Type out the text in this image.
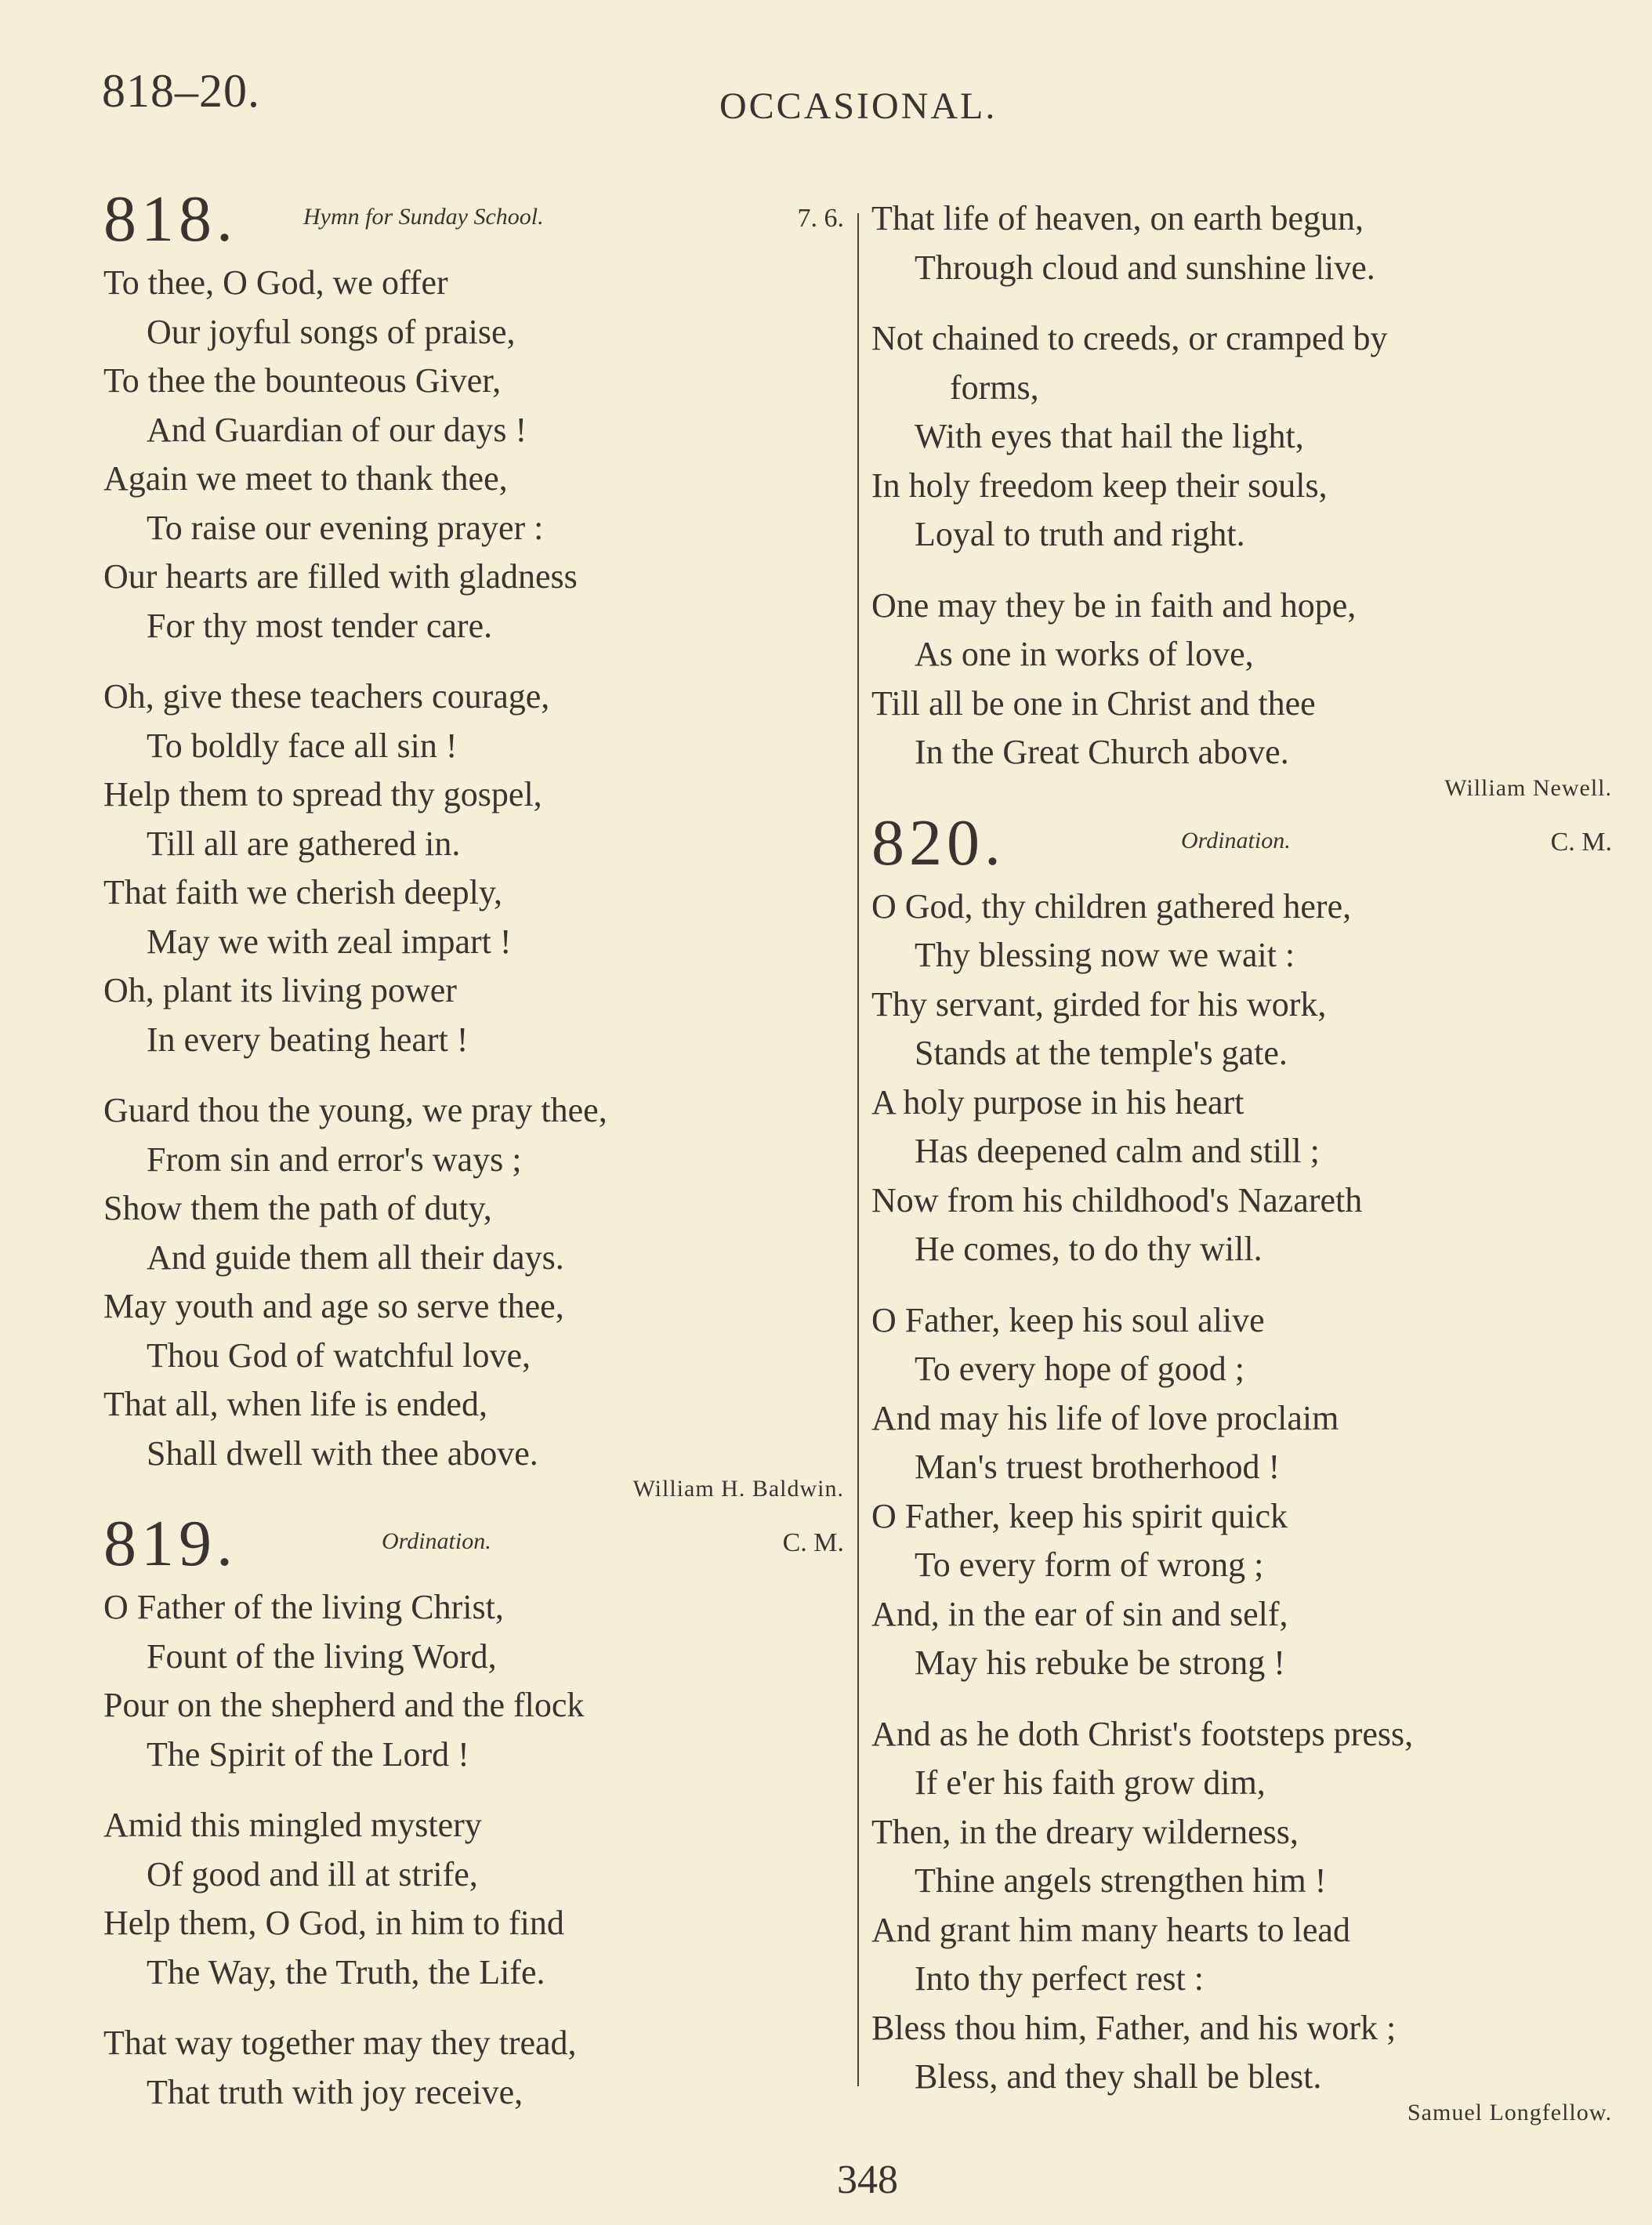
818–20.	OCCASIONAL.
818.	Hymn for Sunday School.	7. 6.
To thee, O God, we offer
Our joyful songs of praise,
To thee the bounteous Giver,
And Guardian of our days !
Again we meet to thank thee,
To raise our evening prayer :
Our hearts are filled with gladness
For thy most tender care.
Oh, give these teachers courage,
To boldly face all sin !
Help them to spread thy gospel,
Till all are gathered in.
That faith we cherish deeply,
May we with zeal impart !
Oh, plant its living power
In every beating heart !
Guard thou the young, we pray thee,
From sin and error's ways ;
Show them the path of duty,
And guide them all their days.
May youth and age so serve thee,
Thou God of watchful love,
That all, when life is ended,
Shall dwell with thee above.
William H. Baldwin.
819.	Ordination.	C. M.
O Father of the living Christ,
Fount of the living Word,
Pour on the shepherd and the flock
The Spirit of the Lord !
Amid this mingled mystery
Of good and ill at strife,
Help them, O God, in him to find
The Way, the Truth, the Life.
That way together may they tread,
That truth with joy receive,
That life of heaven, on earth begun,
Through cloud and sunshine live.
Not chained to creeds, or cramped by
forms,
With eyes that hail the light,
In holy freedom keep their souls,
Loyal to truth and right.
One may they be in faith and hope,
As one in works of love,
Till all be one in Christ and thee
In the Great Church above.
William Newell.
820.	Ordination.	C. M.
O God, thy children gathered here,
Thy blessing now we wait :
Thy servant, girded for his work,
Stands at the temple's gate.
A holy purpose in his heart
Has deepened calm and still ;
Now from his childhood's Nazareth
He comes, to do thy will.
O Father, keep his soul alive
To every hope of good ;
And may his life of love proclaim
Man's truest brotherhood !
O Father, keep his spirit quick
To every form of wrong ;
And, in the ear of sin and self,
May his rebuke be strong !
And as he doth Christ's footsteps press,
If e'er his faith grow dim,
Then, in the dreary wilderness,
Thine angels strengthen him !
And grant him many hearts to lead
Into thy perfect rest :
Bless thou him, Father, and his work ;
Bless, and they shall be blest.
Samuel Longfellow.
348
